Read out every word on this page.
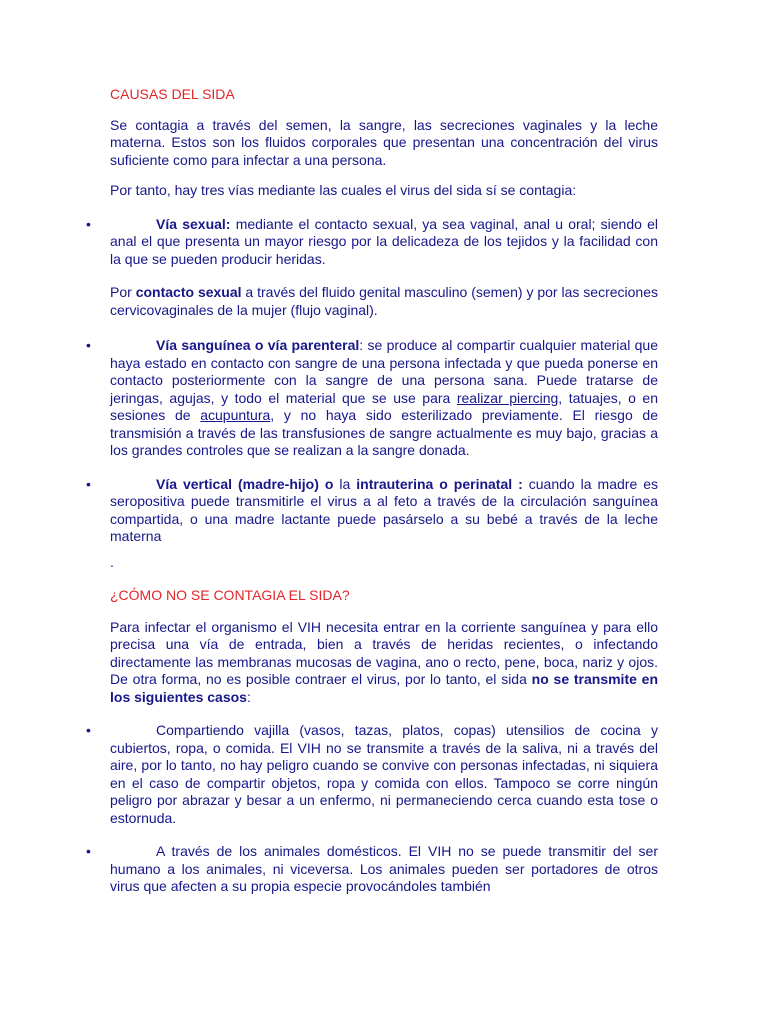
CAUSAS DEL SIDA

Se contagia a través del semen, la sangre, las secreciones vaginales y la leche materna. Estos son los fluidos corporales que presentan una concentración del virus suficiente como para infectar a una persona.

Por tanto, hay tres vías mediante las cuales el virus del sida sí se contagia:

•	Vía sexual: mediante el contacto sexual, ya sea vaginal, anal u oral; siendo el anal el que presenta un mayor riesgo por la delicadeza de los tejidos y la facilidad con la que se pueden producir heridas.

Por contacto sexual a través del fluido genital masculino (semen) y por las secreciones cervicovaginales de la mujer (flujo vaginal).

•	Vía sanguínea o vía parenteral: se produce al compartir cualquier material que haya estado en contacto con sangre de una persona infectada y que pueda ponerse en contacto posteriormente con la sangre de una persona sana. Puede tratarse de jeringas, agujas, y todo el material que se use para realizar piercing, tatuajes, o en sesiones de acupuntura, y no haya sido esterilizado previamente. El riesgo de transmisión a través de las transfusiones de sangre actualmente es muy bajo, gracias a los grandes controles que se realizan a la sangre donada.
•	Vía vertical (madre-hijo) o la intrauterina o perinatal : cuando la madre es seropositiva puede transmitirle el virus a al feto a través de la circulación sanguínea compartida, o una madre lactante puede pasárselo a su bebé a través de la leche materna

.

¿CÓMO NO SE CONTAGIA EL SIDA?

Para infectar el organismo el VIH necesita entrar en la corriente sanguínea y para ello precisa una vía de entrada, bien a través de heridas recientes, o infectando directamente las membranas mucosas de vagina, ano o recto, pene, boca, nariz y ojos. De otra forma, no es posible contraer el virus, por lo tanto, el sida no se transmite en los siguientes casos:

•	Compartiendo vajilla (vasos, tazas, platos, copas) utensilios de cocina y cubiertos, ropa, o comida. El VIH no se transmite a través de la saliva, ni a través del aire, por lo tanto, no hay peligro cuando se convive con personas infectadas, ni siquiera en el caso de compartir objetos, ropa y comida con ellos. Tampoco se corre ningún peligro por abrazar y besar a un enfermo, ni permaneciendo cerca cuando esta tose o estornuda.
•	A través de los animales domésticos. El VIH no se puede transmitir del ser humano a los animales, ni viceversa. Los animales pueden ser portadores de otros virus que afecten a su propia especie provocándoles también
